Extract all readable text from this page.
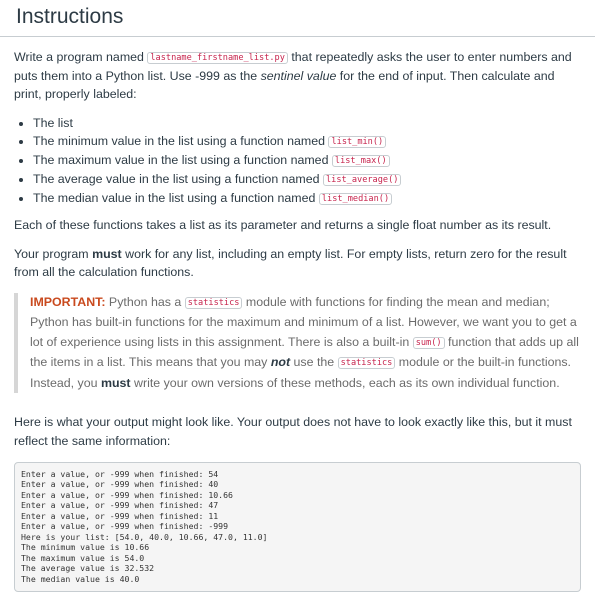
Instructions

Write a program named lastname_firstname_list.py that repeatedly asks the user to enter numbers and puts them into a Python list. Use -999 as the sentinel value for the end of input. Then calculate and print, properly labeled:

• The list
• The minimum value in the list using a function named list_min()
• The maximum value in the list using a function named list_max()
• The average value in the list using a function named list_average()
• The median value in the list using a function named list_median()

Each of these functions takes a list as its parameter and returns a single float number as its result.

Your program must work for any list, including an empty list. For empty lists, return zero for the result from all the calculation functions.

IMPORTANT: Python has a statistics module with functions for finding the mean and median; Python has built-in functions for the maximum and minimum of a list. However, we want you to get a lot of experience using lists in this assignment. There is also a built-in sum() function that adds up all the items in a list. This means that you may not use the statistics module or the built-in functions. Instead, you must write your own versions of these methods, each as its own individual function.

Here is what your output might look like. Your output does not have to look exactly like this, but it must reflect the same information:

Enter a value, or -999 when finished: 54
Enter a value, or -999 when finished: 40
Enter a value, or -999 when finished: 10.66
Enter a value, or -999 when finished: 47
Enter a value, or -999 when finished: 11
Enter a value, or -999 when finished: -999
Here is your list: [54.0, 40.0, 10.66, 47.0, 11.0]
The minimum value is 10.66
The maximum value is 54.0
The average value is 32.532
The median value is 40.0
